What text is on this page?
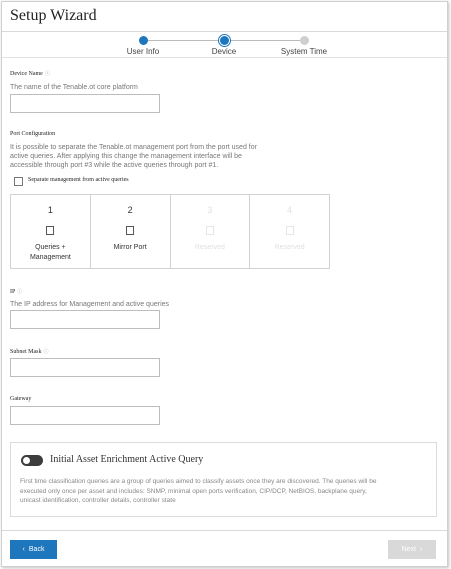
Setup Wizard
User Info	Device	System Time
Device Name ⓘ
The name of the Tenable.ot core platform
Port Configuration
It is possible to separate the Tenable.ot management port from the port used for
active queries. After applying this change the management interface will be
accessible through port #3 while the active queries through port #1.
Separate management from active queries
1
Queries +
Management
2
Mirror Port
3
Reserved
4
Reserved
IP ⓘ
The IP address for Management and active queries
Subnet Mask ⓘ
Gateway
Initial Asset Enrichment Active Query
First time classification queries are a group of queries aimed to classify assets once they are discovered. The queries will be
executed only once per asset and includes: SNMP, minimal open ports verification, CIP/DCP, NetBIOS, backplane query,
unicast identification, controller details, controller state
‹ Back	Next ›
